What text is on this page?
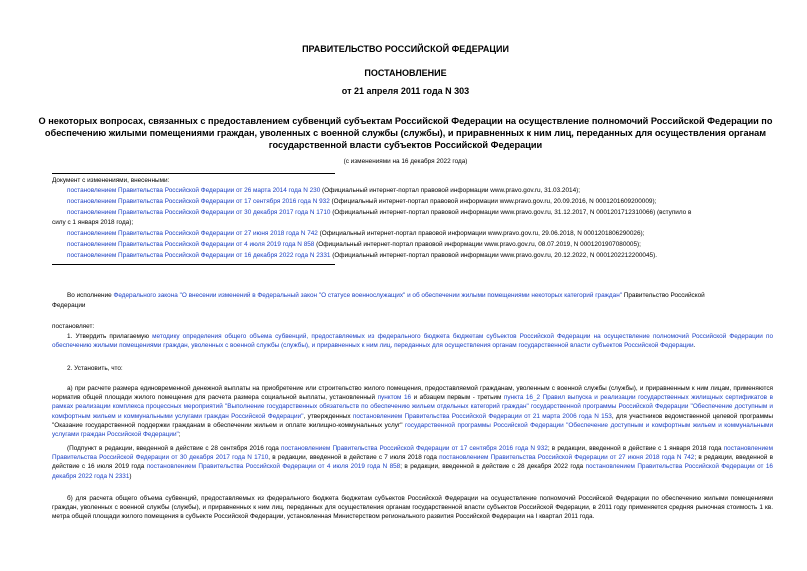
ПРАВИТЕЛЬСТВО РОССИЙСКОЙ ФЕДЕРАЦИИ
ПОСТАНОВЛЕНИЕ
от 21 апреля 2011 года N 303
О некоторых вопросах, связанных с предоставлением субвенций субъектам Российской Федерации на осуществление полномочий Российской Федерации по
обеспечению жилыми помещениями граждан, уволенных с военной службы (службы), и приравненных к ним лиц, переданных для осуществления органам
государственной власти субъектов Российской Федерации
(с изменениями на 16 декабря 2022 года)
Документ с изменениями, внесенными:
постановлением Правительства Российской Федерации от 26 марта 2014 года N 230 (Официальный интернет-портал правовой информации www.pravo.gov.ru, 31.03.2014);
постановлением Правительства Российской Федерации от 17 сентября 2016 года N 932 (Официальный интернет-портал правовой информации www.pravo.gov.ru, 20.09.2016, N 0001201609200009);
постановлением Правительства Российской Федерации от 30 декабря 2017 года N 1710 (Официальный интернет-портал правовой информации www.pravo.gov.ru, 31.12.2017, N 0001201712310066) (вступило в
силу с 1 января 2018 года);
постановлением Правительства Российской Федерации от 27 июня 2018 года N 742 (Официальный интернет-портал правовой информации www.pravo.gov.ru, 29.06.2018, N 0001201806290026);
постановлением Правительства Российской Федерации от 4 июля 2019 года N 858 (Официальный интернет-портал правовой информации www.pravo.gov.ru, 08.07.2019, N 0001201907080005);
постановлением Правительства Российской Федерации от 16 декабря 2022 года N 2331 (Официальный интернет-портал правовой информации www.pravo.gov.ru, 20.12.2022, N 0001202212200045).
Во исполнение Федерального закона "О внесении изменений в Федеральный закон "О статусе военнослужащих" и об обеспечении жилыми помещениями некоторых категорий граждан" Правительство Российской
Федерации
постановляет:
1. Утвердить прилагаемую методику определения общего объема субвенций, предоставляемых из федерального бюджета бюджетам субъектов Российской Федерации на осуществление полномочий Российской Федерации по обеспечению жилыми помещениями граждан, уволенных с военной службы (службы), и приравненных к ним лиц, переданных для осуществления органам государственной власти субъектов Российской Федерации.
2. Установить, что:
а) при расчете размера единовременной денежной выплаты на приобретение или строительство жилого помещения, предоставляемой гражданам, уволенным с военной службы (службы), и приравненным к ним лицам, применяются норматив общей площади жилого помещения для расчета размера социальной выплаты, установленный пунктом 16 и абзацем первым - третьим пункта 16_2 Правил выпуска и реализации государственных жилищных сертификатов в рамках реализации комплекса процессных мероприятий "Выполнение государственных обязательств по обеспечению жильем отдельных категорий граждан" государственной программы Российской Федерации "Обеспечение доступным и комфортным жильем и коммунальными услугами граждан Российской Федерации", утвержденных постановлением Правительства Российской Федерации от 21 марта 2006 года N 153, для участников ведомственной целевой программы "Оказание государственной поддержки гражданам в обеспечении жильем и оплате жилищно-коммунальных услуг" государственной программы Российской Федерации "Обеспечение доступным и комфортным жильем и коммунальными услугами граждан Российской Федерации";
(Подпункт в редакции, введенной в действие с 28 сентября 2016 года постановлением Правительства Российской Федерации от 17 сентября 2016 года N 932; в редакции, введенной в действие с 1 января 2018 года постановлением Правительства Российской Федерации от 30 декабря 2017 года N 1710, в редакции, введенной в действие с 7 июля 2018 года постановлением Правительства Российской Федерации от 27 июня 2018 года N 742; в редакции, введенной в действие с 16 июля 2019 года постановлением Правительства Российской Федерации от 4 июля 2019 года N 858; в редакции, введенной в действие с 28 декабря 2022 года постановлением Правительства Российской Федерации от 16 декабря 2022 года N 2331)
б) для расчета общего объема субвенций, предоставляемых из федерального бюджета бюджетам субъектов Российской Федерации на осуществление полномочий Российской Федерации по обеспечению жилыми помещениями граждан, уволенных с военной службы (службы), и приравненных к ним лиц, переданных для осуществления органам государственной власти субъектов Российской Федерации, в 2011 году применяется средняя рыночная стоимость 1 кв. метра общей площади жилого помещения в субъекте Российской Федерации, установленная Министерством регионального развития Российской Федерации на I квартал 2011 года.
